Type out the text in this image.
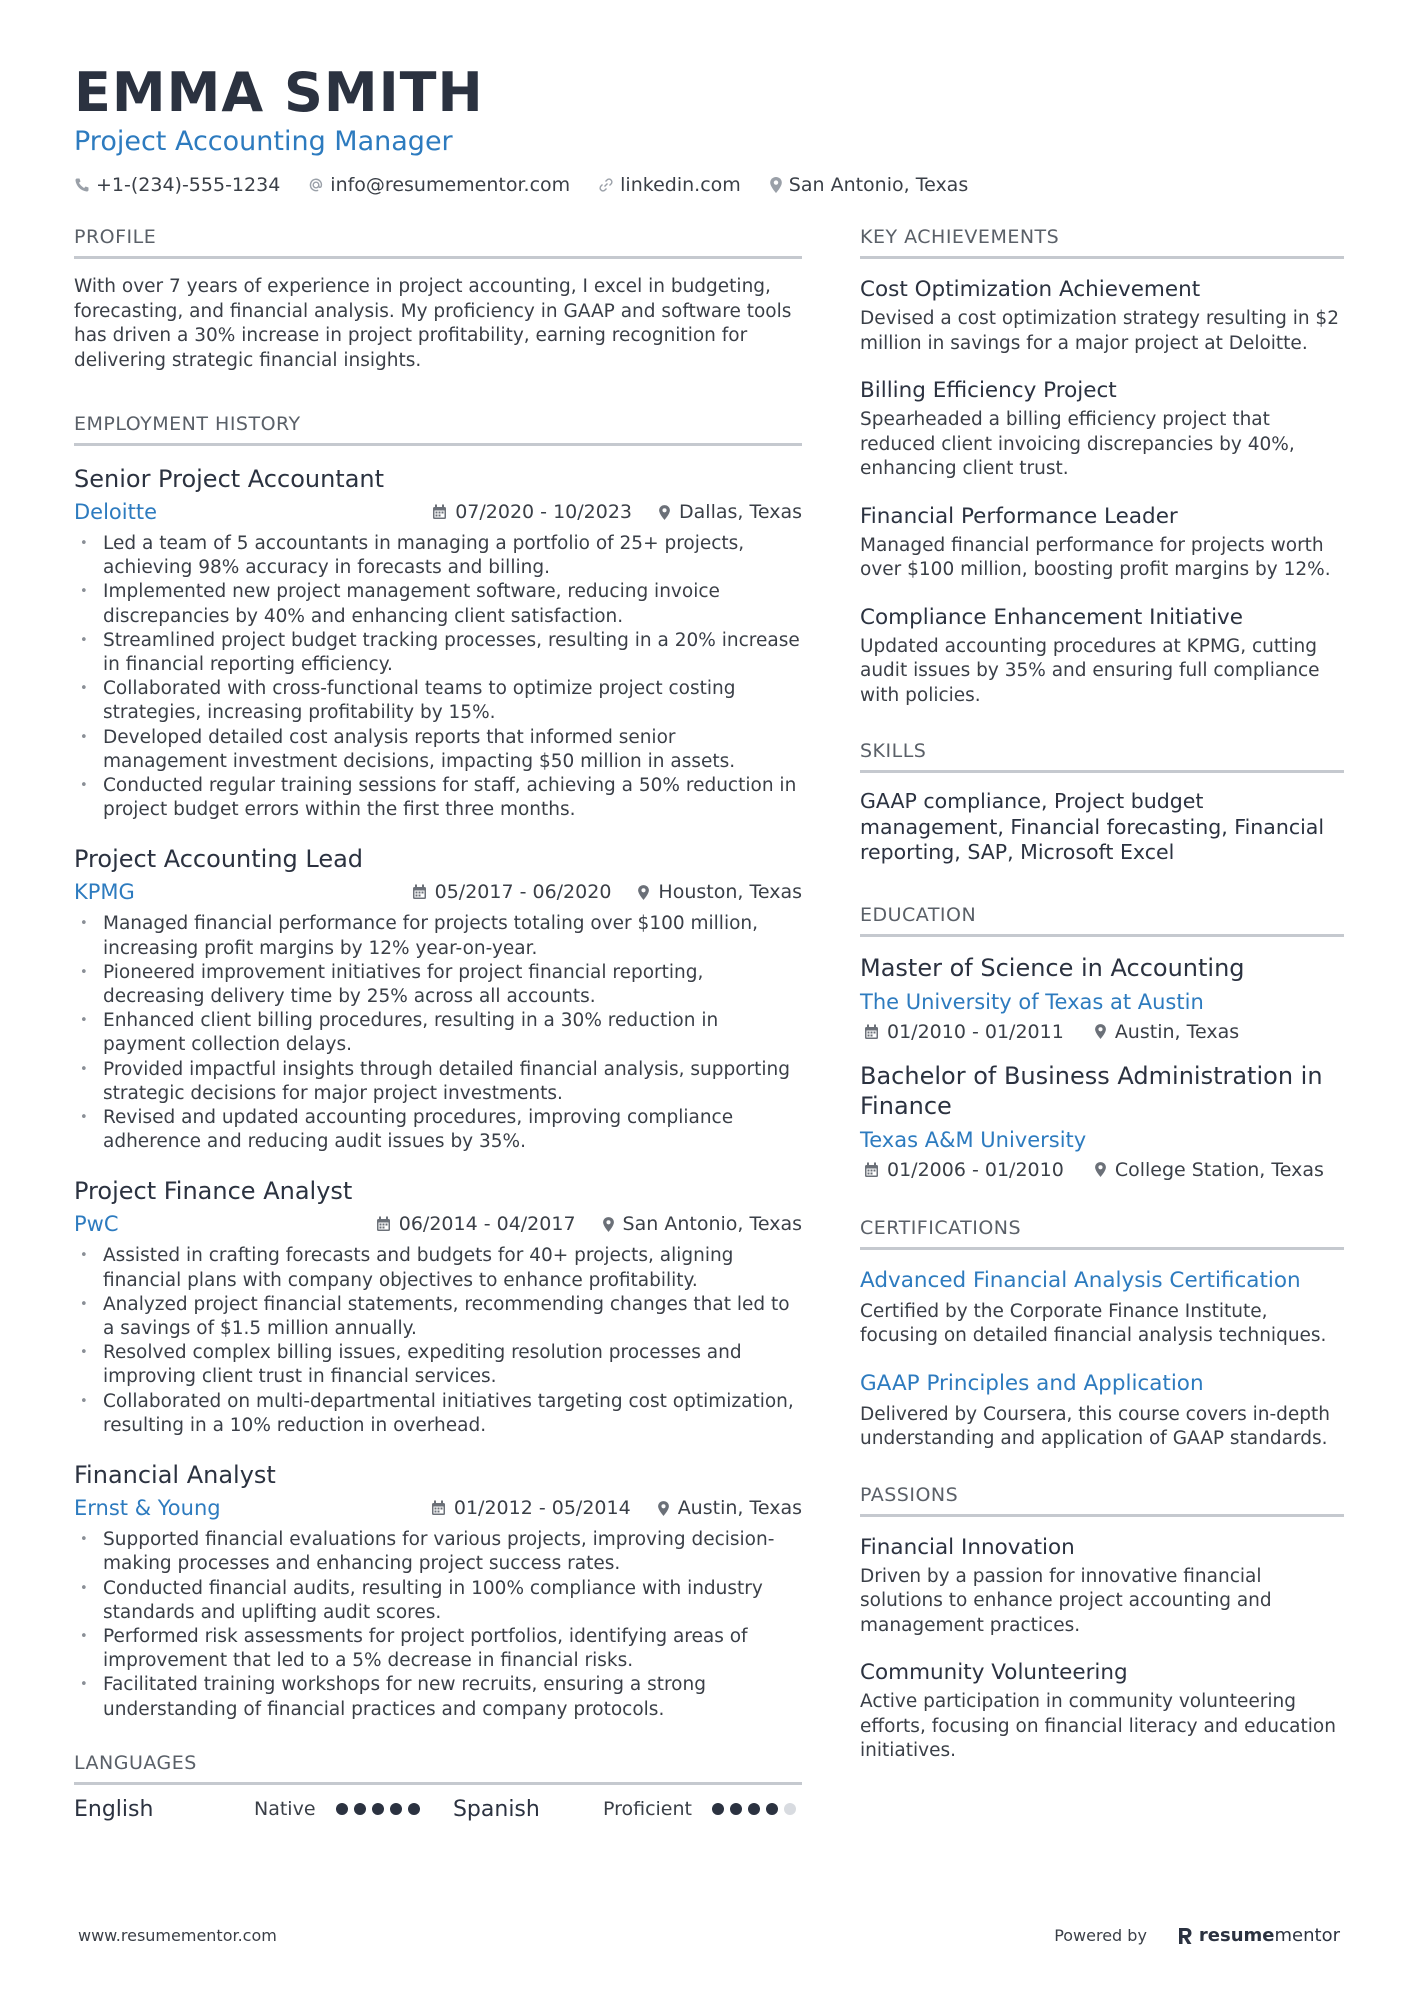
EMMA SMITH
Project Accounting Manager
+1-(234)-555-1234	info@resumementor.com	linkedin.com	San Antonio, Texas
PROFILE
With over 7 years of experience in project accounting, I excel in budgeting, forecasting, and financial analysis. My proficiency in GAAP and software tools has driven a 30% increase in project profitability, earning recognition for delivering strategic financial insights.
EMPLOYMENT HISTORY
Senior Project Accountant
Deloitte	07/2020 - 10/2023 Dallas, Texas
• Led a team of 5 accountants in managing a portfolio of 25+ projects, achieving 98% accuracy in forecasts and billing.
• Implemented new project management software, reducing invoice discrepancies by 40% and enhancing client satisfaction.
• Streamlined project budget tracking processes, resulting in a 20% increase in financial reporting efficiency.
• Collaborated with cross-functional teams to optimize project costing strategies, increasing profitability by 15%.
• Developed detailed cost analysis reports that informed senior management investment decisions, impacting $50 million in assets.
• Conducted regular training sessions for staff, achieving a 50% reduction in project budget errors within the first three months.
Project Accounting Lead
KPMG	05/2017 - 06/2020 Houston, Texas
• Managed financial performance for projects totaling over $100 million, increasing profit margins by 12% year-on-year.
• Pioneered improvement initiatives for project financial reporting, decreasing delivery time by 25% across all accounts.
• Enhanced client billing procedures, resulting in a 30% reduction in payment collection delays.
• Provided impactful insights through detailed financial analysis, supporting strategic decisions for major project investments.
• Revised and updated accounting procedures, improving compliance adherence and reducing audit issues by 35%.
Project Finance Analyst
PwC	06/2014 - 04/2017 San Antonio, Texas
• Assisted in crafting forecasts and budgets for 40+ projects, aligning financial plans with company objectives to enhance profitability.
• Analyzed project financial statements, recommending changes that led to a savings of $1.5 million annually.
• Resolved complex billing issues, expediting resolution processes and improving client trust in financial services.
• Collaborated on multi-departmental initiatives targeting cost optimization, resulting in a 10% reduction in overhead.
Financial Analyst
Ernst & Young	01/2012 - 05/2014 Austin, Texas
• Supported financial evaluations for various projects, improving decision-making processes and enhancing project success rates.
• Conducted financial audits, resulting in 100% compliance with industry standards and uplifting audit scores.
• Performed risk assessments for project portfolios, identifying areas of improvement that led to a 5% decrease in financial risks.
• Facilitated training workshops for new recruits, ensuring a strong understanding of financial practices and company protocols.
LANGUAGES
English	Native	Spanish	Proficient
KEY ACHIEVEMENTS
Cost Optimization Achievement
Devised a cost optimization strategy resulting in $2 million in savings for a major project at Deloitte.
Billing Efficiency Project
Spearheaded a billing efficiency project that reduced client invoicing discrepancies by 40%, enhancing client trust.
Financial Performance Leader
Managed financial performance for projects worth over $100 million, boosting profit margins by 12%.
Compliance Enhancement Initiative
Updated accounting procedures at KPMG, cutting audit issues by 35% and ensuring full compliance with policies.
SKILLS
GAAP compliance, Project budget management, Financial forecasting, Financial reporting, SAP, Microsoft Excel
EDUCATION
Master of Science in Accounting
The University of Texas at Austin
01/2010 - 01/2011	Austin, Texas
Bachelor of Business Administration in Finance
Texas A&M University
01/2006 - 01/2010	College Station, Texas
CERTIFICATIONS
Advanced Financial Analysis Certification
Certified by the Corporate Finance Institute, focusing on detailed financial analysis techniques.
GAAP Principles and Application
Delivered by Coursera, this course covers in-depth understanding and application of GAAP standards.
PASSIONS
Financial Innovation
Driven by a passion for innovative financial solutions to enhance project accounting and management practices.
Community Volunteering
Active participation in community volunteering efforts, focusing on financial literacy and education initiatives.
www.resumementor.com	Powered by	resume mentor
